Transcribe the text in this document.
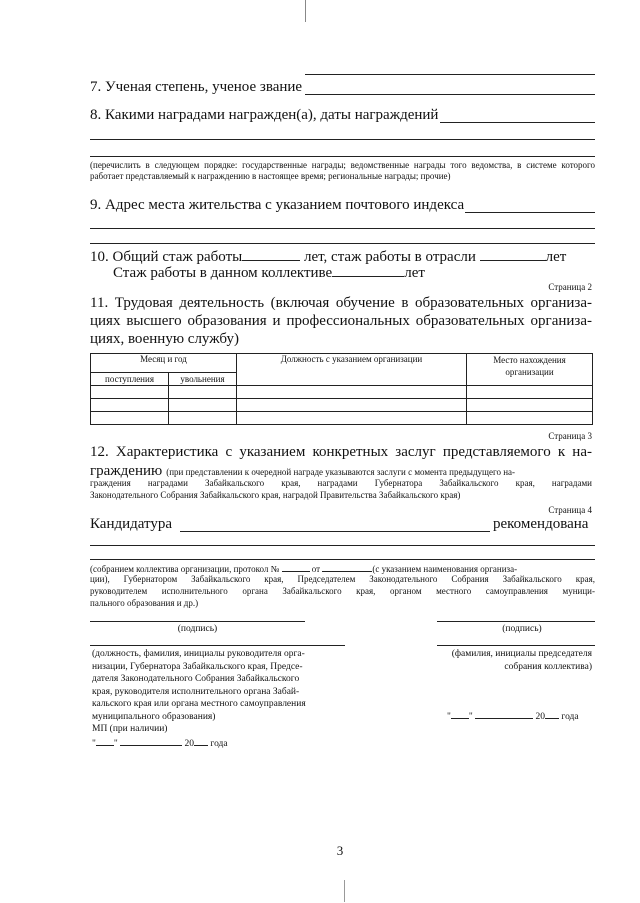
7. Ученая степень, ученое звание
8. Какими наградами награжден(а), даты награждений
(перечислить в следующем порядке: государственные награды; ведомственные награды того ведомства, в системе которого работает представляемый к награждению в настоящее время; региональные награды; прочие)
9. Адрес места жительства с указанием почтового индекса
10. Общий стаж работы	лет, стаж работы в отрасли	лет
Стаж работы в данном коллективе	лет
Страница 2
11. Трудовая деятельность (включая обучение в образовательных организа-
циях высшего образования и профессиональных образовательных организа-
циях, военную службу)
Месяц и год		Должность с указанием организации	Место нахождения
организации
поступления	увольнения		

Страница 3
12. Характеристика с указанием конкретных заслуг представляемого к на-
граждению (при представлении к очередной награде указываются заслуги с момента предыдущего на-
граждения наградами Забайкальского края, наградами Губернатора Забайкальского края, наградами
Законодательного Собрания Забайкальского края, наградой Правительства Забайкальского края)
Страница 4
Кандидатура	рекомендована
(собранием коллектива организации, протокол №	от	(с указанием наименования организа-
ции), Губернатором Забайкальского края, Председателем Законодательного Собрания Забайкальского края,
руководителем исполнительного органа Забайкальского края, органом местного самоуправления муници-
пального образования и др.)
(подпись)
(должность, фамилия, инициалы руководителя орга-
низации, Губернатора Забайкальского края, Предсе-
дателя Законодательного Собрания Забайкальского
края, руководителя исполнительного органа Забай-
кальского края или органа местного самоуправления
муниципального образования)
МП (при наличии)
" "	20 года
(подпись)
(фамилия, инициалы председателя
собрания коллектива)
" "	20 года
3
